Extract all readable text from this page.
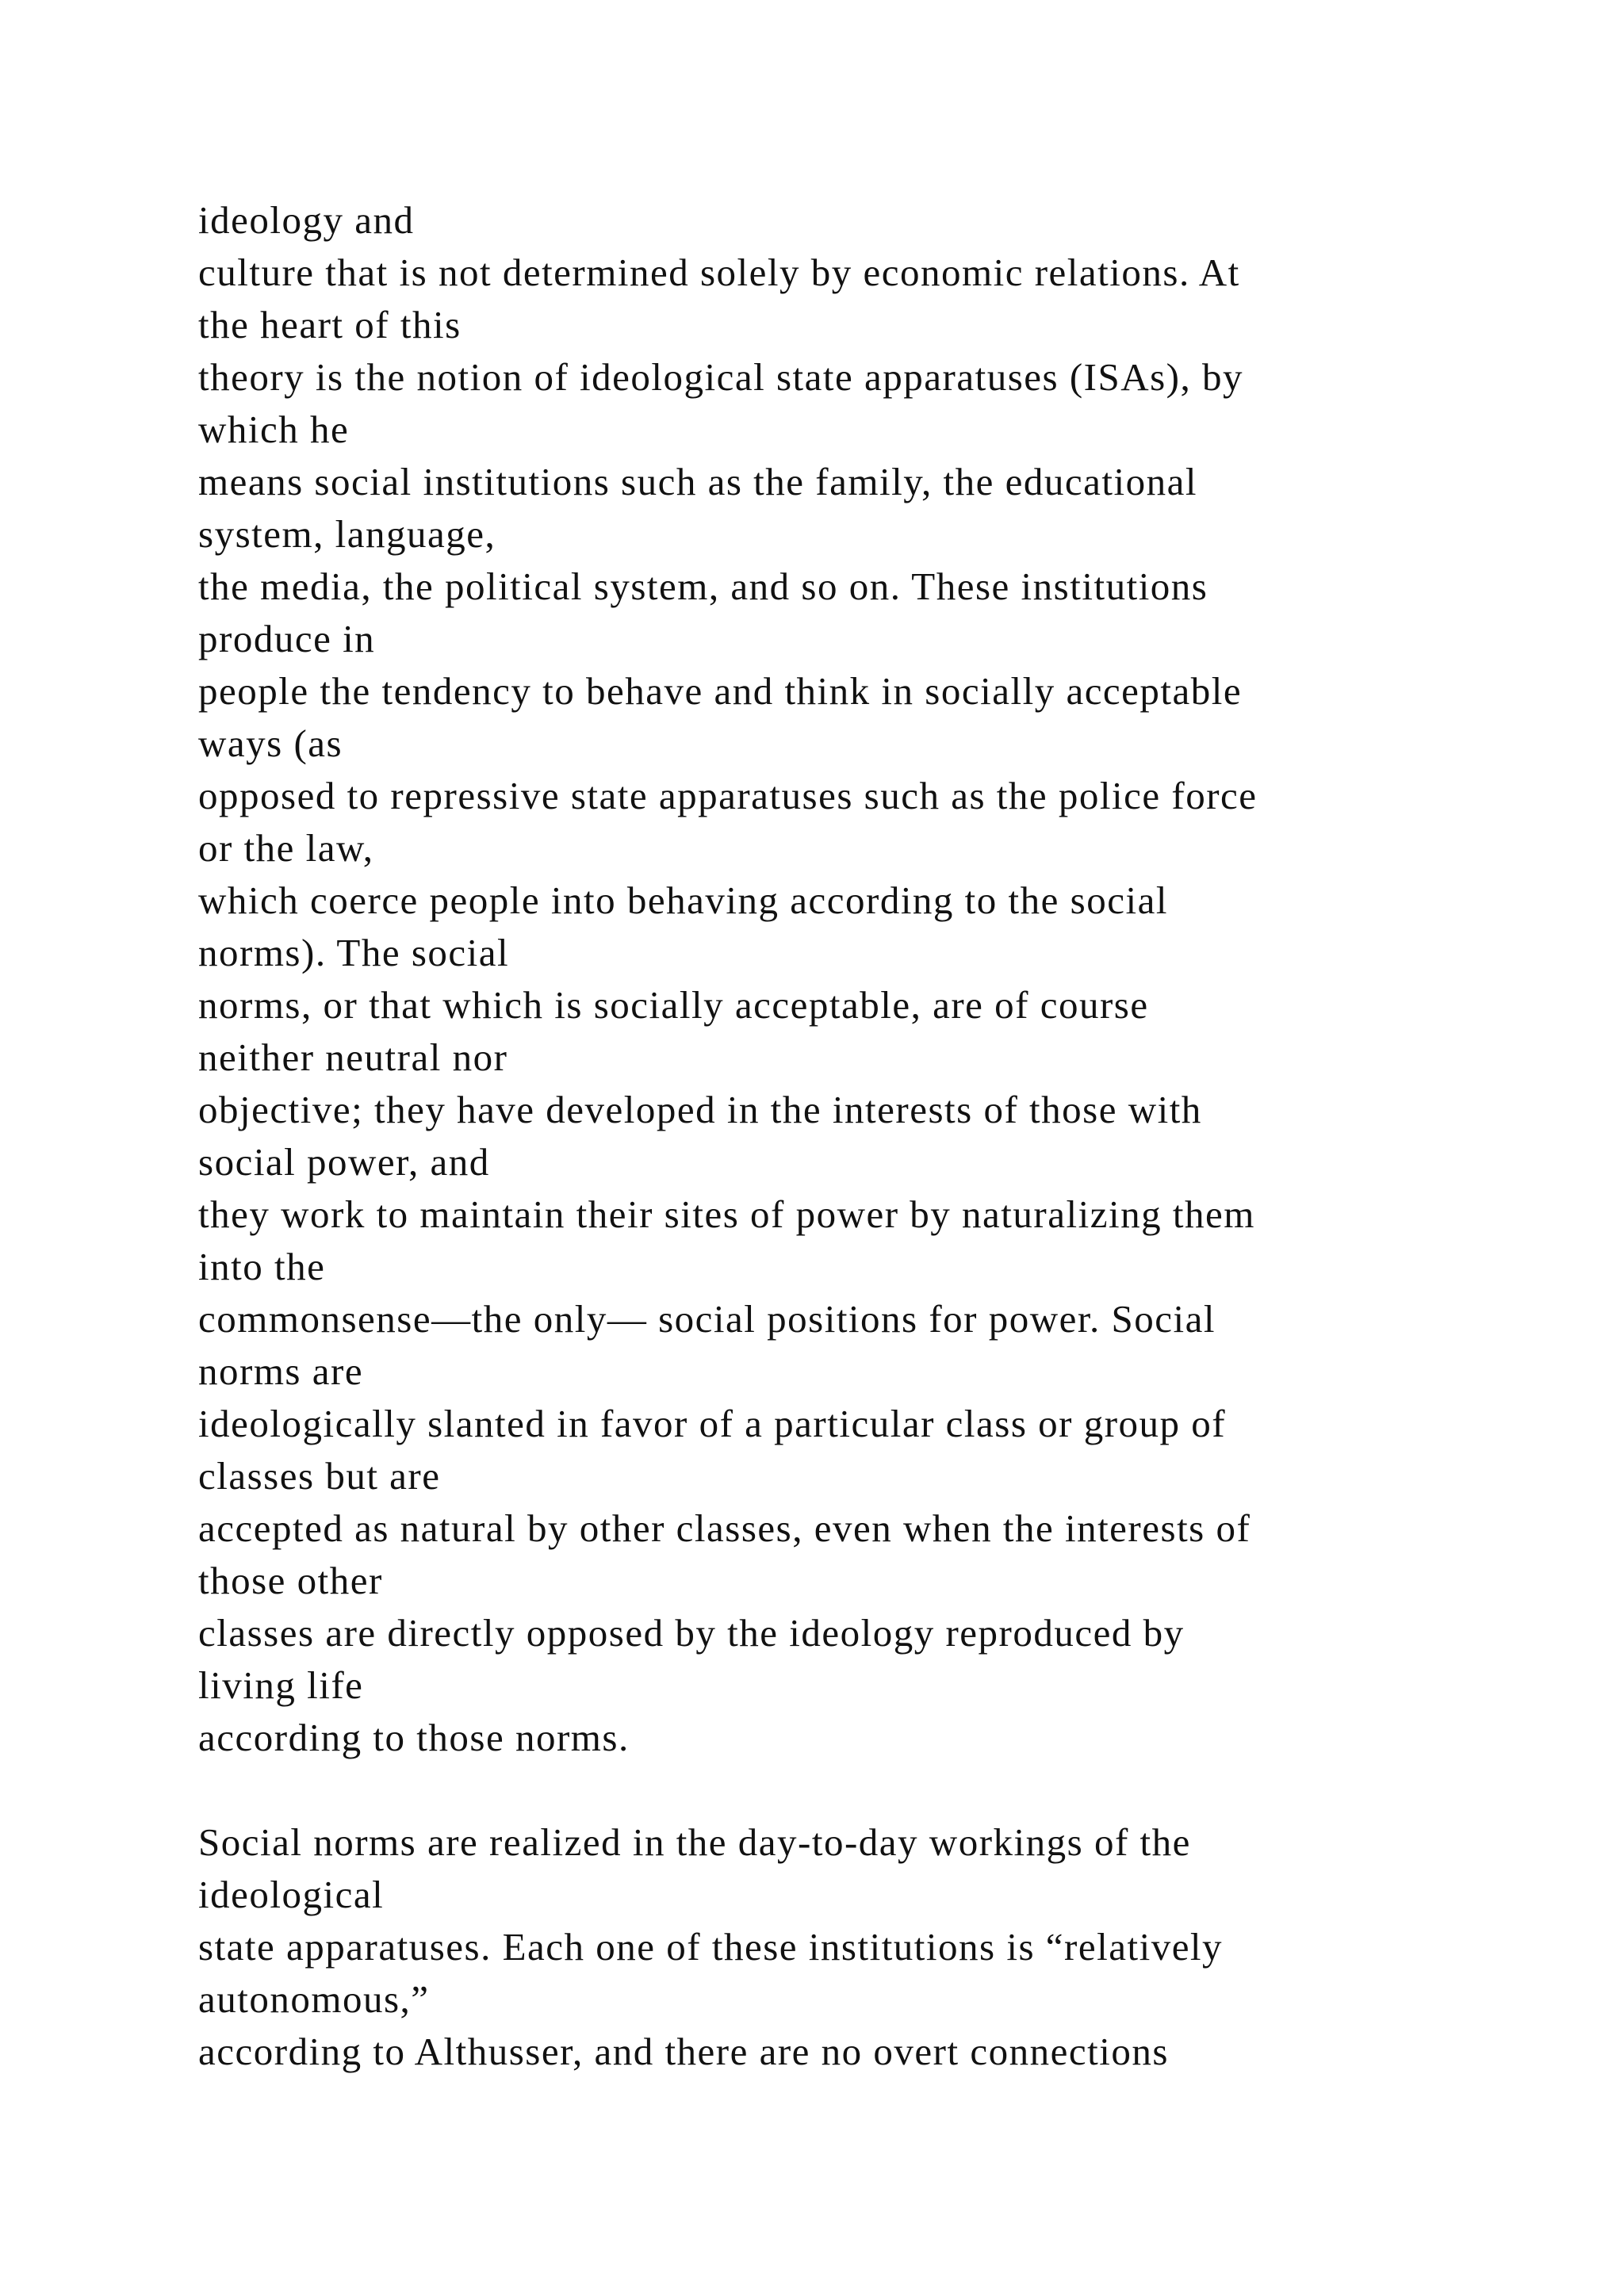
ideology and
culture that is not determined solely by economic relations. At
the heart of this
theory is the notion of ideological state apparatuses (ISAs), by
which he
means social institutions such as the family, the educational
system, language,
the media, the political system, and so on. These institutions
produce in
people the tendency to behave and think in socially acceptable
ways (as
opposed to repressive state apparatuses such as the police force
or the law,
which coerce people into behaving according to the social
norms). The social
norms, or that which is socially acceptable, are of course
neither neutral nor
objective; they have developed in the interests of those with
social power, and
they work to maintain their sites of power by naturalizing them
into the
commonsense—the only— social positions for power. Social
norms are
ideologically slanted in favor of a particular class or group of
classes but are
accepted as natural by other classes, even when the interests of
those other
classes are directly opposed by the ideology reproduced by
living life
according to those norms.
Social norms are realized in the day-to-day workings of the
ideological
state apparatuses. Each one of these institutions is “relatively
autonomous,”
according to Althusser, and there are no overt connections
